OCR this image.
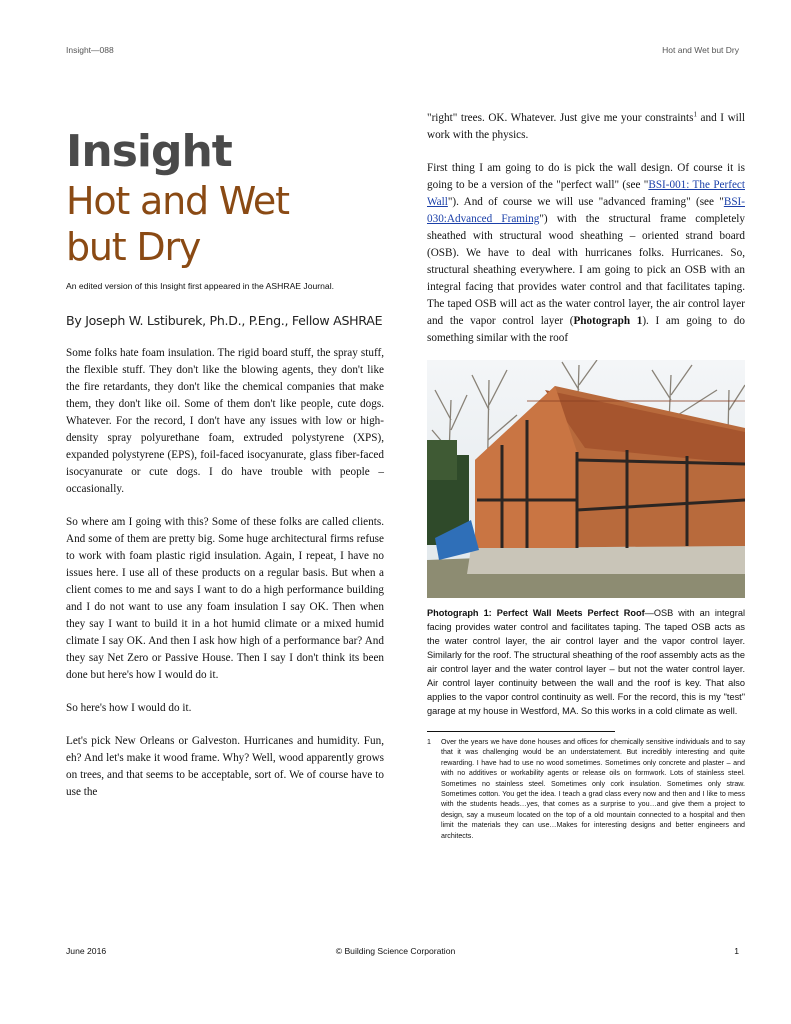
Insight—088	Hot and Wet but Dry
Insight
Hot and Wet
but Dry

An edited version of this Insight first appeared in the ASHRAE Journal.

By Joseph W. Lstiburek, Ph.D., P.Eng., Fellow ASHRAE

Some folks hate foam insulation. The rigid board stuff, the spray stuff, the flexible stuff. They don't like the blowing agents, they don't like the fire retardants, they don't like the chemical companies that make them, they don't like oil. Some of them don't like people, cute dogs. Whatever. For the record, I don't have any issues with low or high-density spray polyurethane foam, extruded polystyrene (XPS), expanded polystyrene (EPS), foil-faced isocyanurate, glass fiber-faced isocyanurate or cute dogs. I do have trouble with people – occasionally.

So where am I going with this? Some of these folks are called clients. And some of them are pretty big. Some huge architectural firms refuse to work with foam plastic rigid insulation. Again, I repeat, I have no issues here. I use all of these products on a regular basis. But when a client comes to me and says I want to do a high performance building and I do not want to use any foam insulation I say OK. Then when they say I want to build it in a hot humid climate or a mixed humid climate I say OK. And then I ask how high of a performance bar? And they say Net Zero or Passive House. Then I say I don't think its been done but here's how I would do it.

So here's how I would do it.

Let's pick New Orleans or Galveston. Hurricanes and humidity. Fun, eh? And let's make it wood frame. Why? Well, wood apparently grows on trees, and that seems to be acceptable, sort of. We of course have to use the

"right" trees. OK. Whatever. Just give me your constraints$^1$ and I will work with the physics.

First thing I am going to do is pick the wall design. Of course it is going to be a version of the "perfect wall" (see "BSI-001: The Perfect Wall"). And of course we will use "advanced framing" (see "BSI-030:Advanced Framing") with the structural frame completely sheathed with structural wood sheathing – oriented strand board (OSB). We have to deal with hurricanes folks. Hurricanes. So, structural sheathing everywhere. I am going to pick an OSB with an integral facing that provides water control and that facilitates taping. The taped OSB will act as the water control layer, the air control layer and the vapor control layer (Photograph 1). I am going to do something similar with the roof

Photograph 1: Perfect Wall Meets Perfect Roof—OSB with an integral facing provides water control and facilitates taping. The taped OSB acts as the water control layer, the air control layer and the vapor control layer. Similarly for the roof. The structural sheathing of the roof assembly acts as the air control layer and the water control layer – but not the water control layer. Air control layer continuity between the wall and the roof is key. That also applies to the vapor control continuity as well. For the record, this is my "test" garage at my house in Westford, MA. So this works in a cold climate as well.

1	Over the years we have done houses and offices for chemically sensitive individuals and to say that it was challenging would be an understatement. But incredibly interesting and quite rewarding. I have had to use no wood sometimes. Sometimes only concrete and plaster – and with no additives or workability agents or release oils on formwork. Lots of stainless steel. Sometimes no stainless steel. Sometimes only cork insulation. Sometimes only straw. Sometimes cotton. You get the idea. I teach a grad class every now and then and I like to mess with the students heads…yes, that comes as a surprise to you…and give them a project to design, say a museum located on the top of a old mountain connected to a hospital and then limit the materials they can use…Makes for interesting designs and better engineers and architects.
June 2016	© Building Science Corporation	1
